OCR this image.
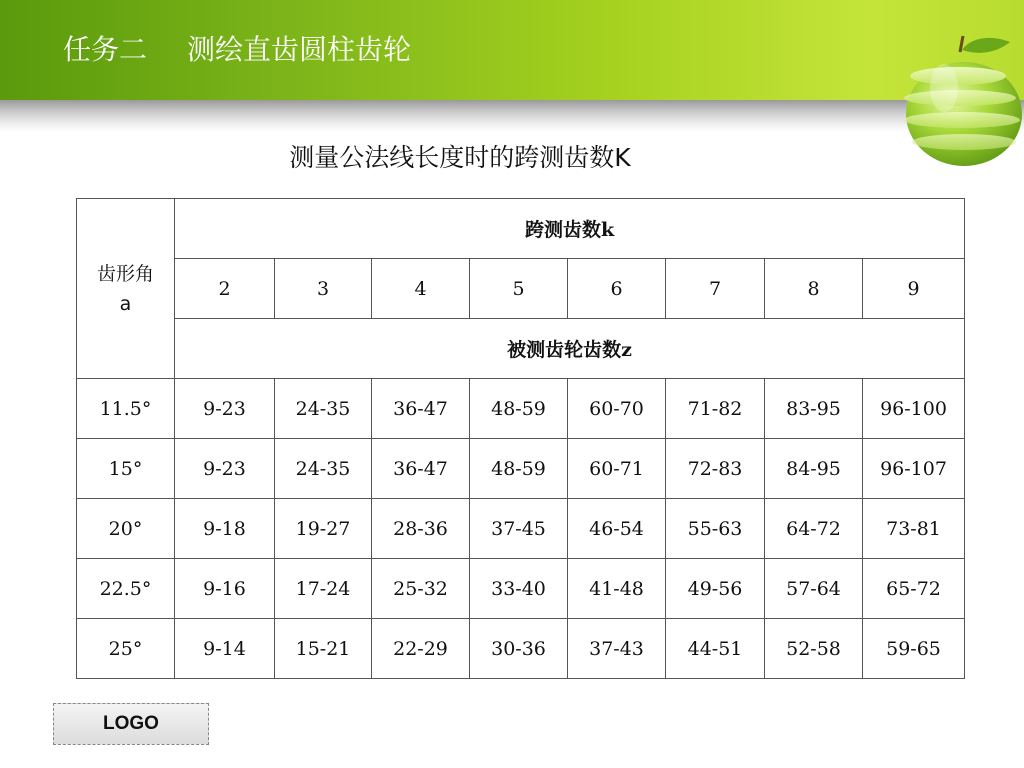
任务二 测绘直齿圆柱齿轮
测量公法线长度时的跨测齿数K
齿形角
a	跨测齿数k							
	2	3	4	5	6	7	8	9
	被测齿轮齿数z							
11.5°	9-23	24-35	36-47	48-59	60-70	71-82	83-95	96-100
15°	9-23	24-35	36-47	48-59	60-71	72-83	84-95	96-107
20°	9-18	19-27	28-36	37-45	46-54	55-63	64-72	73-81
22.5°	9-16	17-24	25-32	33-40	41-48	49-56	57-64	65-72
25°	9-14	15-21	22-29	30-36	37-43	44-51	52-58	59-65
LOGO
